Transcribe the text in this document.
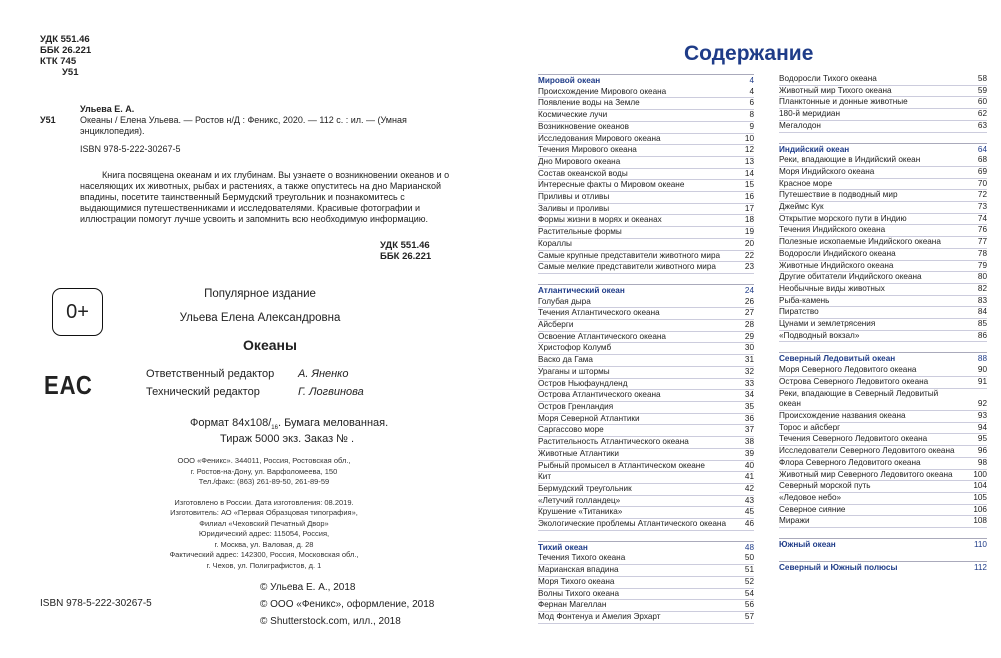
УДК 551.46
ББК 26.221
КТК 745
У51
Ульева Е. А.
У51	Океаны / Елена Ульева. — Ростов н/Д : Феникс, 2020. — 112 с. : ил. — (Умная энциклопедия).
ISBN 978-5-222-30267-5
Книга посвящена океанам и их глубинам. Вы узнаете о возникновении океанов и о населяющих их животных, рыбах и растениях, а также опуститесь на дно Марианской впадины, посетите таинственный Бермудский треугольник и познакомитесь с выдающимися путешественниками и исследователями. Красивые фотографии и иллюстрации помогут лучше усвоить и запомнить всю необходимую информацию.
УДК 551.46
ББК 26.221
0+
Популярное издание
Ульева Елена Александровна
Океаны
ЕАС	Ответственный редактор	А. Яненко
Технический редактор	Г. Логвинова
Формат $84x108/_{16}$. Бумага мелованная.
Тираж 5000 экз. Заказ № .
ООО «Феникс». 344011, Россия, Ростовская обл.,
г. Ростов-на-Дону, ул. Варфоломеева, 150
Тел./факс: (863) 261-89-50, 261-89-59
Изготовлено в России. Дата изготовления: 08.2019.
Изготовитель: АО «Первая Образцовая типография»,
Филиал «Чеховский Печатный Двор»
Юридический адрес: 115054, Россия,
г. Москва, ул. Валовая, д. 28
Фактический адрес: 142300, Россия, Московская обл.,
г. Чехов, ул. Полиграфистов, д. 1
© Ульева Е. А., 2018
© ООО «Феникс», оформление, 2018
© Shutterstock.com, илл., 2018
ISBN 978-5-222-30267-5
Содержание
Мировой океан	4
Происхождение Мирового океана	4
Появление воды на Земле	6
Космические лучи	8
Возникновение океанов	9
Исследования Мирового океана	10
Течения Мирового океана	12
Дно Мирового океана	13
Состав океанской воды	14
Интересные факты о Мировом океане	15
Приливы и отливы	16
Заливы и проливы	17
Формы жизни в морях и океанах	18
Растительные формы	19
Кораллы	20
Самые крупные представители животного мира	22
Самые мелкие представители животного мира	23
Атлантический океан	24
Голубая дыра	26
Течения Атлантического океана	27
Айсберги	28
Освоение Атлантического океана	29
Христофор Колумб	30
Васко да Гама	31
Ураганы и штормы	32
Остров Ньюфаундленд	33
Острова Атлантического океана	34
Остров Гренландия	35
Моря Северной Атлантики	36
Саргассово море	37
Растительность Атлантического океана	38
Животные Атлантики	39
Рыбный промысел в Атлантическом океане	40
Кит	41
Бермудский треугольник	42
«Летучий голландец»	43
Крушение «Титаника»	45
Экологические проблемы Атлантического океана	46
Тихий океан	48
Течения Тихого океана	50
Марианская впадина	51
Моря Тихого океана	52
Волны Тихого океана	54
Фернан Магеллан	56
Мод Фонтенуа и Амелия Эрхарт	57
Водоросли Тихого океана	58
Животный мир Тихого океана	59
Планктонные и донные животные	60
180-й меридиан	62
Мегалодон	63
Индийский океан	64
Реки, впадающие в Индийский океан	68
Моря Индийского океана	69
Красное море	70
Путешествие в подводный мир	72
Джеймс Кук	73
Открытие морского пути в Индию	74
Течения Индийского океана	76
Полезные ископаемые Индийского океана	77
Водоросли Индийского океана	78
Животные Индийского океана	79
Другие обитатели Индийского океана	80
Необычные виды животных	82
Рыба-камень	83
Пиратство	84
Цунами и землетрясения	85
«Подводный вокзал»	86
Северный Ледовитый океан	88
Моря Северного Ледовитого океана	90
Острова Северного Ледовитого океана	91
Реки, впадающие в Северный Ледовитый океан	92
Происхождение названия океана	93
Торос и айсберг	94
Течения Северного Ледовитого океана	95
Исследователи Северного Ледовитого океана	96
Флора Северного Ледовитого океана	98
Животный мир Северного Ледовитого океана	100
Северный морской путь	104
«Ледовое небо»	105
Северное сияние	106
Миражи	108
Южный океан	110
Северный и Южный полюсы	112
